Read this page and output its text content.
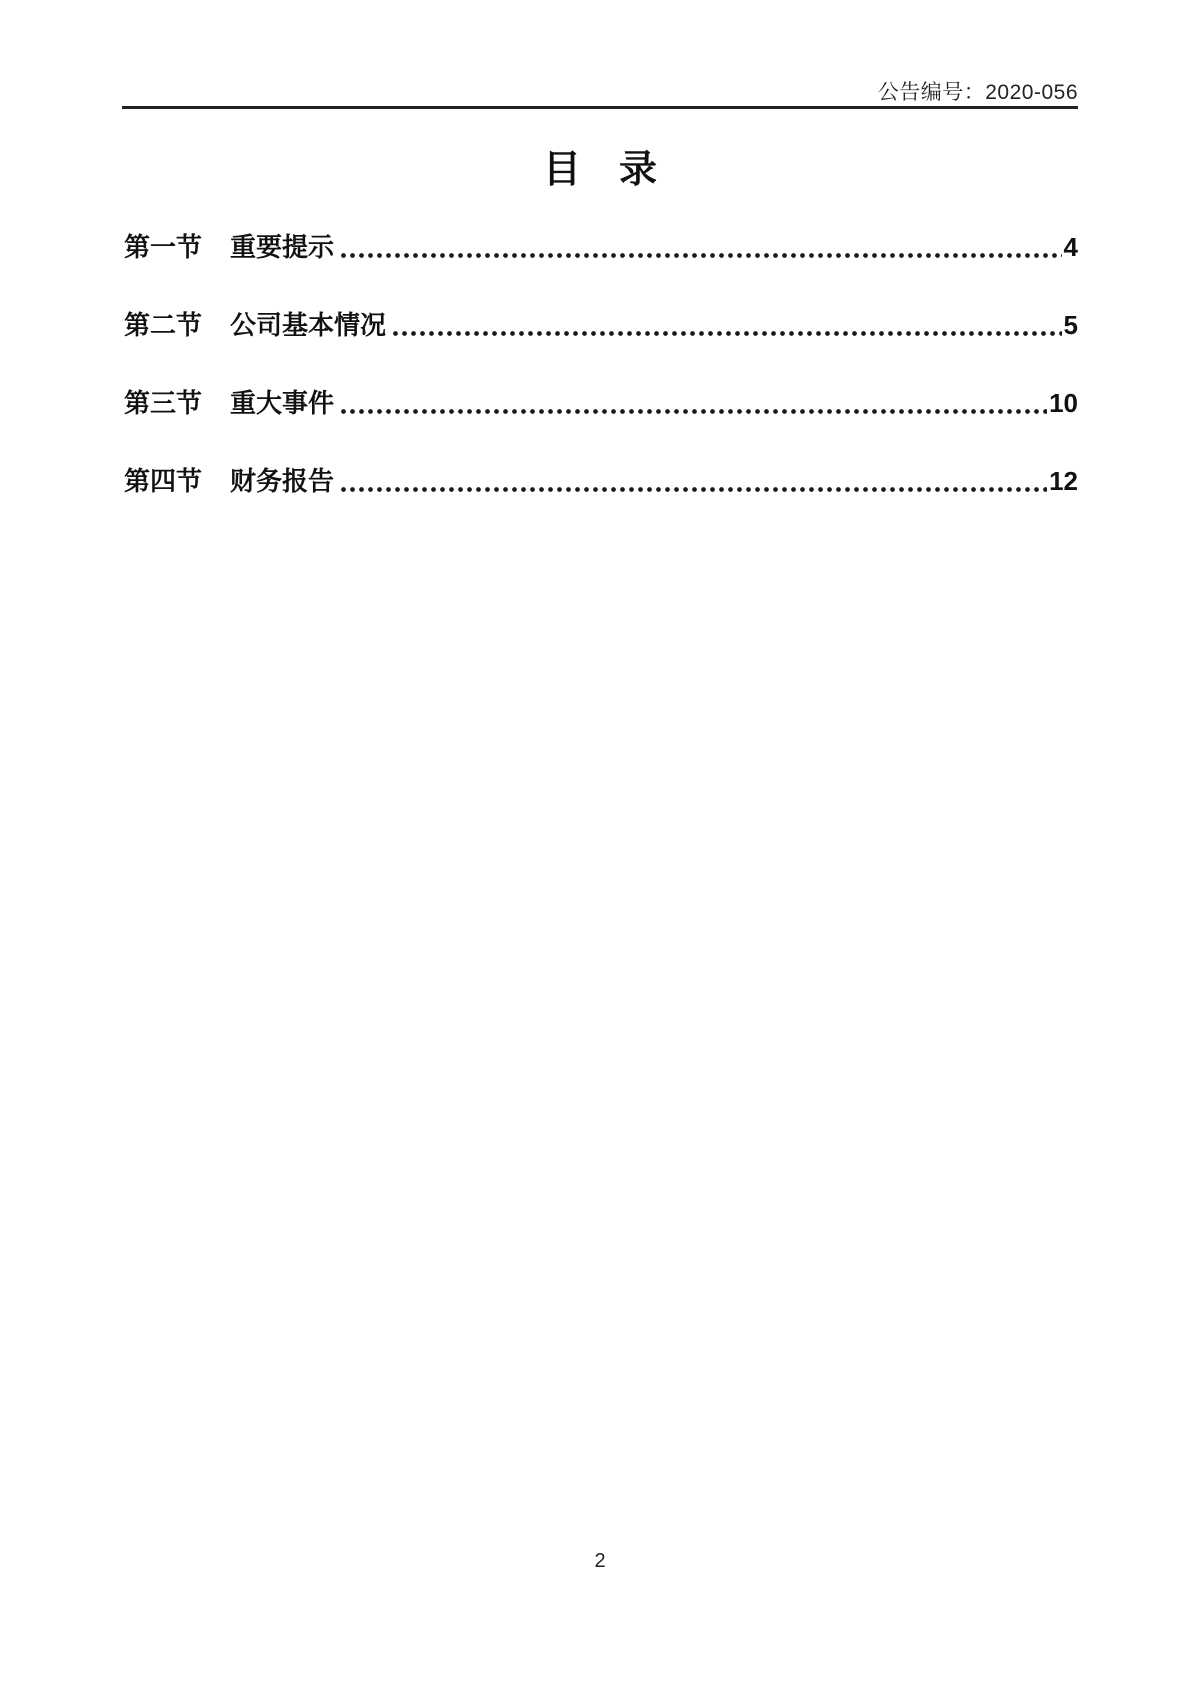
公告编号：2020-056
目　录
第一节	重要提示	4
第二节	公司基本情况	5
第三节	重大事件	10
第四节	财务报告	12
2
